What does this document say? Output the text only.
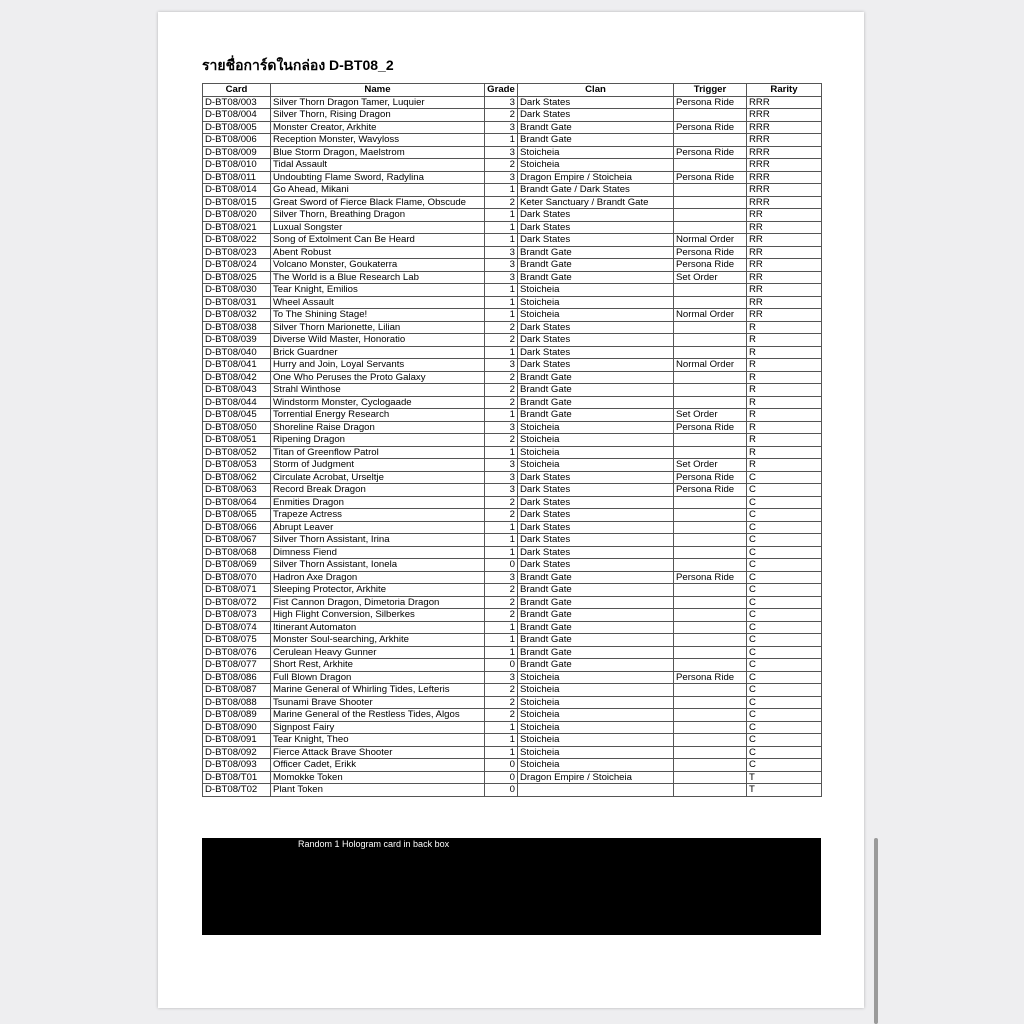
รายชื่อการ์ดในกล่อง D-BT08_2
Card	Name	Grade	Clan	Trigger	Rarity
D-BT08/003	Silver Thorn Dragon Tamer, Luquier	3	Dark States	Persona Ride	RRR
D-BT08/004	Silver Thorn, Rising Dragon	2	Dark States		RRR
D-BT08/005	Monster Creator, Arkhite	3	Brandt Gate	Persona Ride	RRR
D-BT08/006	Reception Monster, Wavyloss	1	Brandt Gate		RRR
D-BT08/009	Blue Storm Dragon, Maelstrom	3	Stoicheia	Persona Ride	RRR
D-BT08/010	Tidal Assault	2	Stoicheia		RRR
D-BT08/011	Undoubting Flame Sword, Radylina	3	Dragon Empire / Stoicheia	Persona Ride	RRR
D-BT08/014	Go Ahead, Mikani	1	Brandt Gate / Dark States		RRR
D-BT08/015	Great Sword of Fierce Black Flame, Obscude	2	Keter Sanctuary / Brandt Gate		RRR
D-BT08/020	Silver Thorn, Breathing Dragon	1	Dark States		RR
D-BT08/021	Luxual Songster	1	Dark States		RR
D-BT08/022	Song of Extolment Can Be Heard	1	Dark States	Normal Order	RR
D-BT08/023	Abent Robust	3	Brandt Gate	Persona Ride	RR
D-BT08/024	Volcano Monster, Goukaterra	3	Brandt Gate	Persona Ride	RR
D-BT08/025	The World is a Blue Research Lab	3	Brandt Gate	Set Order	RR
D-BT08/030	Tear Knight, Emilios	1	Stoicheia		RR
D-BT08/031	Wheel Assault	1	Stoicheia		RR
D-BT08/032	To The Shining Stage!	1	Stoicheia	Normal Order	RR
D-BT08/038	Silver Thorn Marionette, Lilian	2	Dark States		R
D-BT08/039	Diverse Wild Master, Honoratio	2	Dark States		R
D-BT08/040	Brick Guardner	1	Dark States		R
D-BT08/041	Hurry and Join, Loyal Servants	3	Dark States	Normal Order	R
D-BT08/042	One Who Peruses the Proto Galaxy	2	Brandt Gate		R
D-BT08/043	Strahl Winthose	2	Brandt Gate		R
D-BT08/044	Windstorm Monster, Cyclogaade	2	Brandt Gate		R
D-BT08/045	Torrential Energy Research	1	Brandt Gate	Set Order	R
D-BT08/050	Shoreline Raise Dragon	3	Stoicheia	Persona Ride	R
D-BT08/051	Ripening Dragon	2	Stoicheia		R
D-BT08/052	Titan of Greenflow Patrol	1	Stoicheia		R
D-BT08/053	Storm of Judgment	3	Stoicheia	Set Order	R
D-BT08/062	Circulate Acrobat, Urseltje	3	Dark States	Persona Ride	C
D-BT08/063	Record Break Dragon	3	Dark States	Persona Ride	C
D-BT08/064	Enmities Dragon	2	Dark States		C
D-BT08/065	Trapeze Actress	2	Dark States		C
D-BT08/066	Abrupt Leaver	1	Dark States		C
D-BT08/067	Silver Thorn Assistant, Irina	1	Dark States		C
D-BT08/068	Dimness Fiend	1	Dark States		C
D-BT08/069	Silver Thorn Assistant, Ionela	0	Dark States		C
D-BT08/070	Hadron Axe Dragon	3	Brandt Gate	Persona Ride	C
D-BT08/071	Sleeping Protector, Arkhite	2	Brandt Gate		C
D-BT08/072	Fist Cannon Dragon, Dimetoria Dragon	2	Brandt Gate		C
D-BT08/073	High Flight Conversion, Silberkes	2	Brandt Gate		C
D-BT08/074	Itinerant Automaton	1	Brandt Gate		C
D-BT08/075	Monster Soul-searching, Arkhite	1	Brandt Gate		C
D-BT08/076	Cerulean Heavy Gunner	1	Brandt Gate		C
D-BT08/077	Short Rest, Arkhite	0	Brandt Gate		C
D-BT08/086	Full Blown Dragon	3	Stoicheia	Persona Ride	C
D-BT08/087	Marine General of Whirling Tides, Lefteris	2	Stoicheia		C
D-BT08/088	Tsunami Brave Shooter	2	Stoicheia		C
D-BT08/089	Marine General of the Restless Tides, Algos	2	Stoicheia		C
D-BT08/090	Signpost Fairy	1	Stoicheia		C
D-BT08/091	Tear Knight, Theo	1	Stoicheia		C
D-BT08/092	Fierce Attack Brave Shooter	1	Stoicheia		C
D-BT08/093	Officer Cadet, Erikk	0	Stoicheia		C
D-BT08/T01	Momokke Token	0	Dragon Empire / Stoicheia		T
D-BT08/T02	Plant Token	0			T
Random 1 Hologram card in back box
